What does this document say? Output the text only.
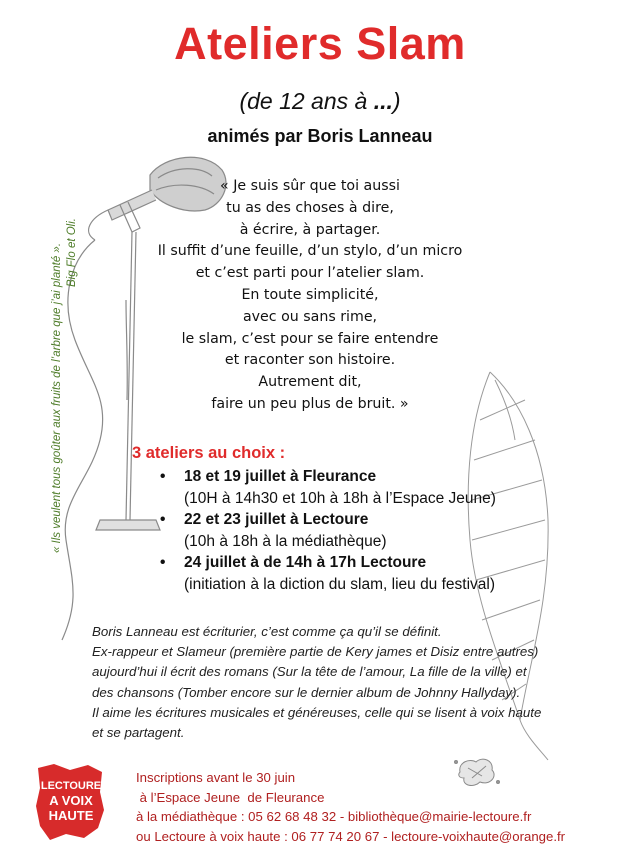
Ateliers Slam
(de 12 ans à ...)
animés par Boris Lanneau
« Je suis sûr que toi aussi
tu as des choses à dire,
à écrire, à partager.
Il suffit d’une feuille, d’un stylo, d’un micro
et c’est parti pour l’atelier slam.
En toute simplicité,
avec ou sans rime,
le slam, c’est pour se faire entendre
et raconter son histoire.
Autrement dit,
faire un peu plus de bruit. »
« Ils veulent tous goûter aux fruits de l’arbre que j’ai planté ». Big Flo et Oli.
3 ateliers au choix :
• 18 et 19 juillet à Fleurance
(10H à 14h30 et 10h à 18h à l’Espace Jeune)
• 22 et 23 juillet à Lectoure
(10h à 18h à la médiathèque)
• 24 juillet à de 14h à 17h Lectoure
(initiation à la diction du slam, lieu du festival)
Boris Lanneau est écriturier, c’est comme ça qu’il se définit.
Ex-rappeur et Slameur (première partie de Kery james et Disiz entre autres)
aujourd’hui il écrit des romans (Sur la tête de l’amour, La fille de la ville) et
des chansons (Tomber encore sur le dernier album de Johnny Hallyday).
Il aime les écritures musicales et généreuses, celle qui se lisent à voix haute
et se partagent.
LECTOURE
A VOIX
HAUTE
Inscriptions avant le 30 juin
à l’Espace Jeune  de Fleurance
à la médiathèque : 05 62 68 48 32 - bibliothèque@mairie-lectoure.fr
ou Lectoure à voix haute : 06 77 74 20 67 - lectoure-voixhaute@orange.fr
